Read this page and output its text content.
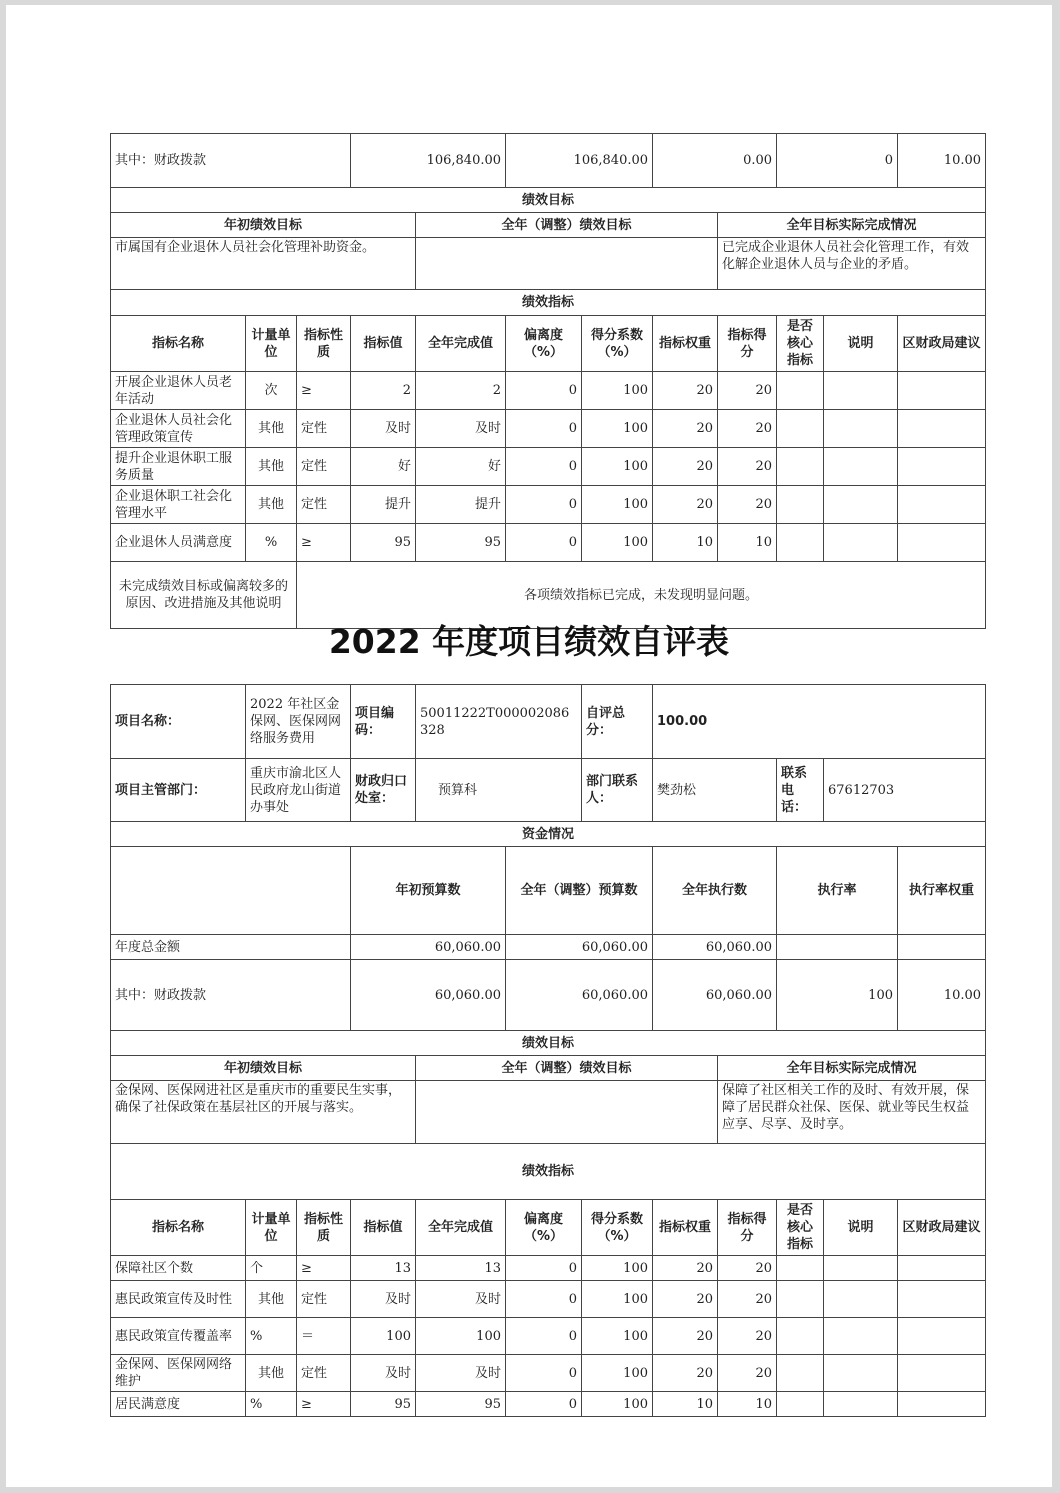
其中：财政拨款			106,840.00		106,840.00		0.00		0		10.00	
绩效目标												
年初绩效目标				全年（调整）绩效目标				全年目标实际完成情况				
市属国有企业退休人员社会化管理补助资金。								已完成企业退休人员社会化管理工作，有效化解企业退休人员与企业的矛盾。				
绩效指标												
指标名称	计量单位	指标性质	指标值	全年完成值	偏离度（%）	得分系数（%）	指标权重	指标得分	是否核心指标	说明	区财政局建议	
开展企业退休人员老年活动	次	≥	2	2	0	100	20	20				
企业退休人员社会化管理政策宣传	其他	定性	及时	及时	0	100	20	20				
提升企业退休职工服务质量	其他	定性	好	好	0	100	20	20				
企业退休职工社会化管理水平	其他	定性	提升	提升	0	100	20	20				
企业退休人员满意度	%	≥	95	95	0	100	10	10				
未完成绩效目标或偏离较多的原因、改进措施及其他说明		各项绩效指标已完成，未发现明显问题。										
2022 年度项目绩效自评表
项目名称：	2022 年社区金保网、医保网网络服务费用		项目编码：	50011222T000002086328		自评总分：	100.00					
项目主管部门：	重庆市渝北区人民政府龙山街道办事处		财政归口处室：	预算科		部门联系人：	樊劲松		联系电话：	67612703		
资金情况												
			年初预算数		全年（调整）预算数		全年执行数		执行率		执行率权重	
年度总金额			60,060.00		60,060.00		60,060.00					
其中：财政拨款			60,060.00		60,060.00		60,060.00		100		10.00	
绩效目标												
年初绩效目标				全年（调整）绩效目标				全年目标实际完成情况				
金保网、医保网进社区是重庆市的重要民生实事，确保了社保政策在基层社区的开展与落实。								保障了社区相关工作的及时、有效开展，保障了居民群众社保、医保、就业等民生权益应享、尽享、及时享。				
绩效指标												
指标名称	计量单位	指标性质	指标值	全年完成值	偏离度（%）	得分系数（%）	指标权重	指标得分	是否核心指标	说明	区财政局建议	
保障社区个数	个	≥	13	13	0	100	20	20				
惠民政策宣传及时性	其他	定性	及时	及时	0	100	20	20				
惠民政策宣传覆盖率	%	＝	100	100	0	100	20	20				
金保网、医保网网络维护	其他	定性	及时	及时	0	100	20	20				
居民满意度	%	≥	95	95	0	100	10	10				
